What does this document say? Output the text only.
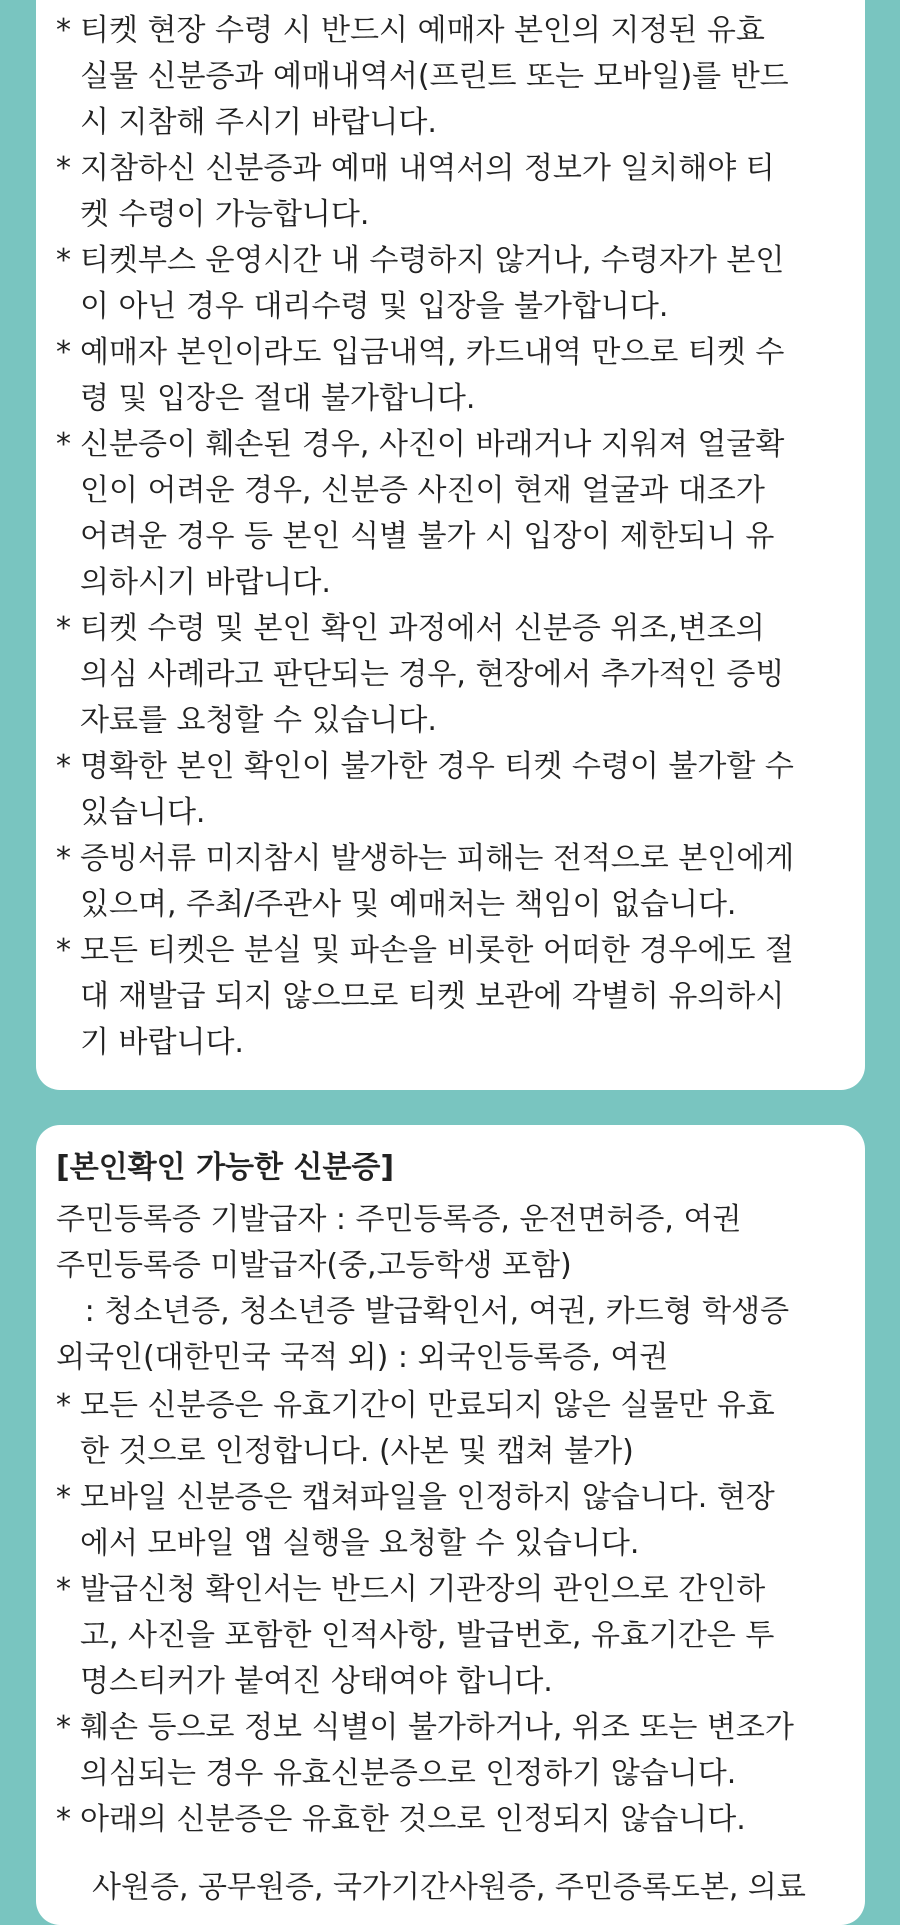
* 티켓 현장 수령 시 반드시 예매자 본인의 지정된 유효
실물 신분증과 예매내역서(프린트 또는 모바일)를 반드
시 지참해 주시기 바랍니다.
* 지참하신 신분증과 예매 내역서의 정보가 일치해야 티
켓 수령이 가능합니다.
* 티켓부스 운영시간 내 수령하지 않거나, 수령자가 본인
이 아닌 경우 대리수령 및 입장을 불가합니다.
* 예매자 본인이라도 입금내역, 카드내역 만으로 티켓 수
령 및 입장은 절대 불가합니다.
* 신분증이 훼손된 경우, 사진이 바래거나 지워져 얼굴확
인이 어려운 경우, 신분증 사진이 현재 얼굴과 대조가
어려운 경우 등 본인 식별 불가 시 입장이 제한되니 유
의하시기 바랍니다.
* 티켓 수령 및 본인 확인 과정에서 신분증 위조,변조의
의심 사례라고 판단되는 경우, 현장에서 추가적인 증빙
자료를 요청할 수 있습니다.
* 명확한 본인 확인이 불가한 경우 티켓 수령이 불가할 수
있습니다.
* 증빙서류 미지참시 발생하는 피해는 전적으로 본인에게
있으며, 주최/주관사 및 예매처는 책임이 없습니다.
* 모든 티켓은 분실 및 파손을 비롯한 어떠한 경우에도 절
대 재발급 되지 않으므로 티켓 보관에 각별히 유의하시
기 바랍니다.
[본인확인 가능한 신분증]
주민등록증 기발급자 : 주민등록증, 운전면허증, 여권
주민등록증 미발급자(중,고등학생 포함)
: 청소년증, 청소년증 발급확인서, 여권, 카드형 학생증
외국인(대한민국 국적 외) : 외국인등록증, 여권
* 모든 신분증은 유효기간이 만료되지 않은 실물만 유효
한 것으로 인정합니다. (사본 및 캡쳐 불가)
* 모바일 신분증은 캡쳐파일을 인정하지 않습니다. 현장
에서 모바일 앱 실행을 요청할 수 있습니다.
* 발급신청 확인서는 반드시 기관장의 관인으로 간인하
고, 사진을 포함한 인적사항, 발급번호, 유효기간은 투
명스티커가 붙여진 상태여야 합니다.
* 훼손 등으로 정보 식별이 불가하거나, 위조 또는 변조가
의심되는 경우 유효신분증으로 인정하기 않습니다.
* 아래의 신분증은 유효한 것으로 인정되지 않습니다.
사원증, 공무원증, 국가기간사원증, 주민증록도본, 의료
